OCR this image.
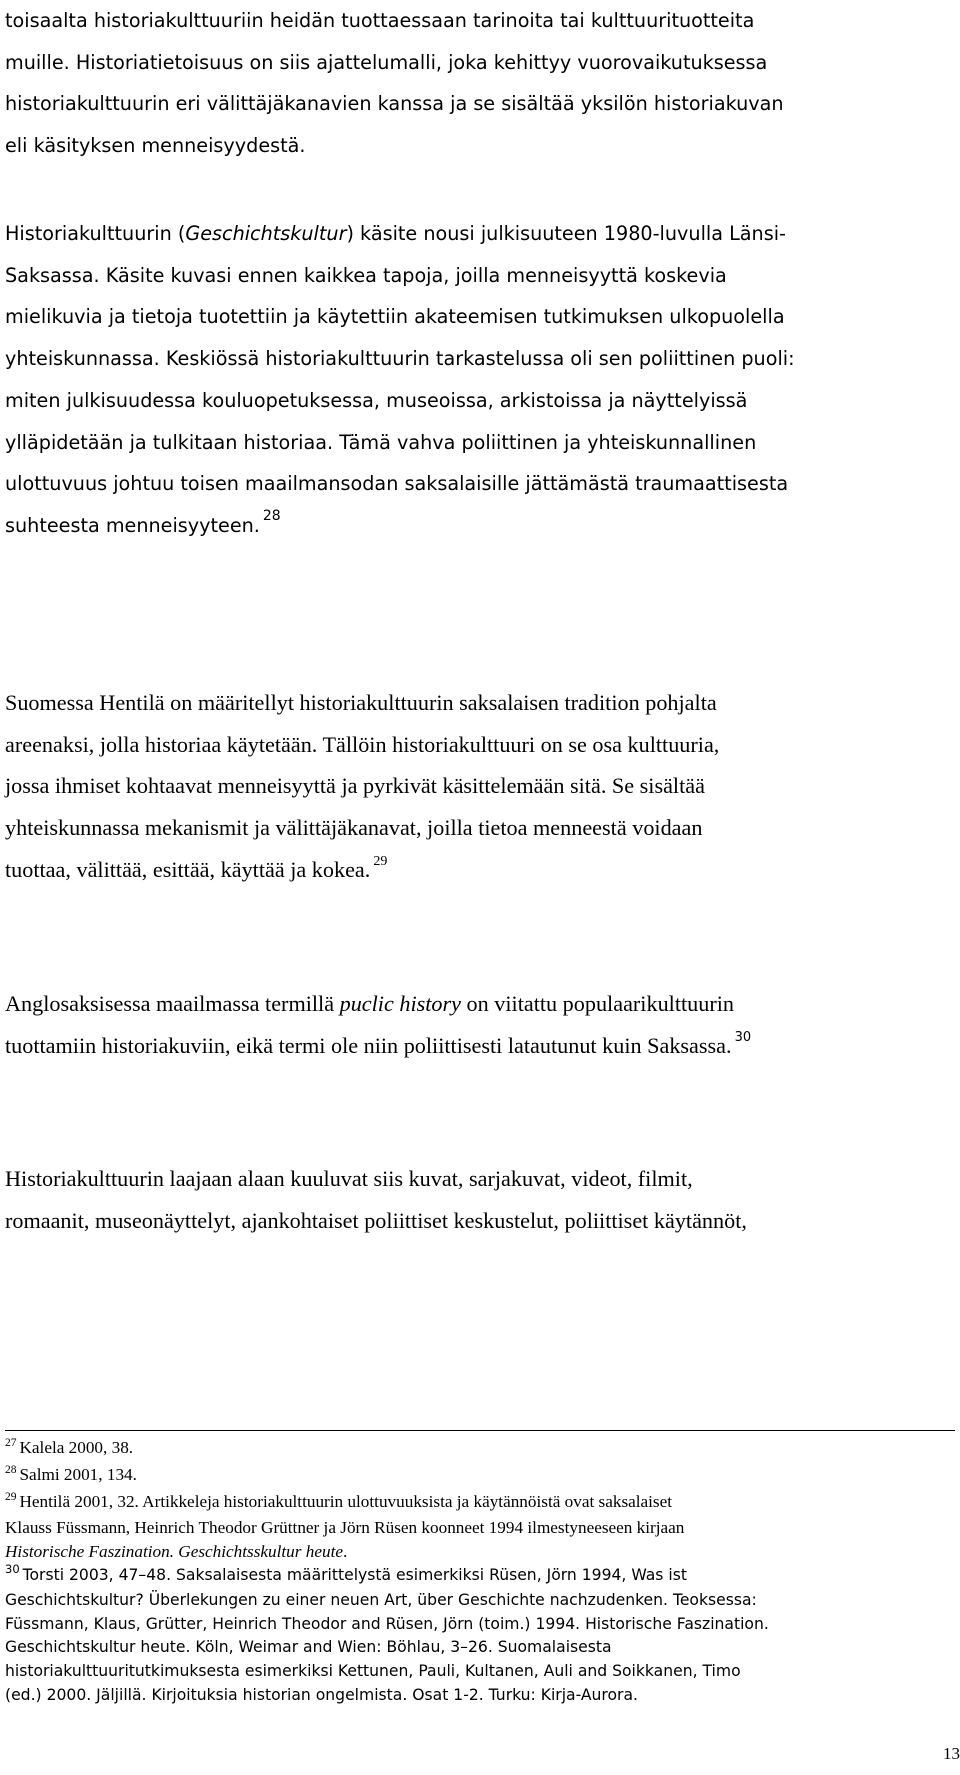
toisaalta historiakulttuuriin heidän tuottaessaan tarinoita tai kulttuurituotteita
muille. Historiatietoisuus on siis ajattelumalli, joka kehittyy vuorovaikutuksessa
historiakulttuurin eri välittäjäkanavien kanssa ja se sisältää yksilön historiakuvan
eli käsityksen menneisyydestä.

Historiakulttuurin (Geschichtskultur) käsite nousi julkisuuteen 1980-luvulla Länsi-
Saksassa. Käsite kuvasi ennen kaikkea tapoja, joilla menneisyyttä koskevia
mielikuvia ja tietoja tuotettiin ja käytettiin akateemisen tutkimuksen ulkopuolella
yhteiskunnassa. Keskiössä historiakulttuurin tarkastelussa oli sen poliittinen puoli:
miten julkisuudessa kouluopetuksessa, museoissa, arkistoissa ja näyttelyissä
ylläpidetään ja tulkitaan historiaa. Tämä vahva poliittinen ja yhteiskunnallinen
ulottuvuus johtuu toisen maailmansodan saksalaisille jättämästä traumaattisesta
suhteesta menneisyyteen. $^{28}$

Suomessa Hentilä on määritellyt historiakulttuurin saksalaisen tradition pohjalta
areenaksi, jolla historiaa käytetään. Tällöin historiakulttuuri on se osa kulttuuria,
jossa ihmiset kohtaavat menneisyyttä ja pyrkivät käsittelemään sitä. Se sisältää
yhteiskunnassa mekanismit ja välittäjäkanavat, joilla tietoa menneestä voidaan
tuottaa, välittää, esittää, käyttää ja kokea. $^{29}$

Anglosaksisessa maailmassa termillä puclic history on viitattu populaarikulttuurin
tuottamiin historiakuviin, eikä termi ole niin poliittisesti latautunut kuin Saksassa. $^{30}$

Historiakulttuurin laajaan alaan kuuluvat siis kuvat, sarjakuvat, videot, filmit,
romaanit, museonäyttelyt, ajankohtaiset poliittiset keskustelut, poliittiset käytännöt,

$^{27}$ Kalela 2000, 38.
$^{28}$ Salmi 2001, 134.
$^{29}$ Hentilä 2001, 32. Artikkeleja historiakulttuurin ulottuvuuksista ja käytännöistä ovat saksalaiset
Klauss Füssmann, Heinrich Theodor Grüttner ja Jörn Rüsen koonneet 1994 ilmestyneeseen kirjaan
Historische Faszination. Geschichtsskultur heute.
$^{30}$ Torsti 2003, 47–48. Saksalaisesta määrittelystä esimerkiksi Rüsen, Jörn 1994, Was ist
Geschichtskultur? Überlekungen zu einer neuen Art, über Geschichte nachzudenken. Teoksessa:
Füssmann, Klaus, Grütter, Heinrich Theodor and Rüsen, Jörn (toim.) 1994. Historische Faszination.
Geschichtskultur heute. Köln, Weimar and Wien: Böhlau, 3–26. Suomalaisesta
historiakulttuuritutkimuksesta esimerkiksi Kettunen, Pauli, Kultanen, Auli and Soikkanen, Timo
(ed.) 2000. Jäljillä. Kirjoituksia historian ongelmista. Osat 1-2. Turku: Kirja-Aurora.
13
